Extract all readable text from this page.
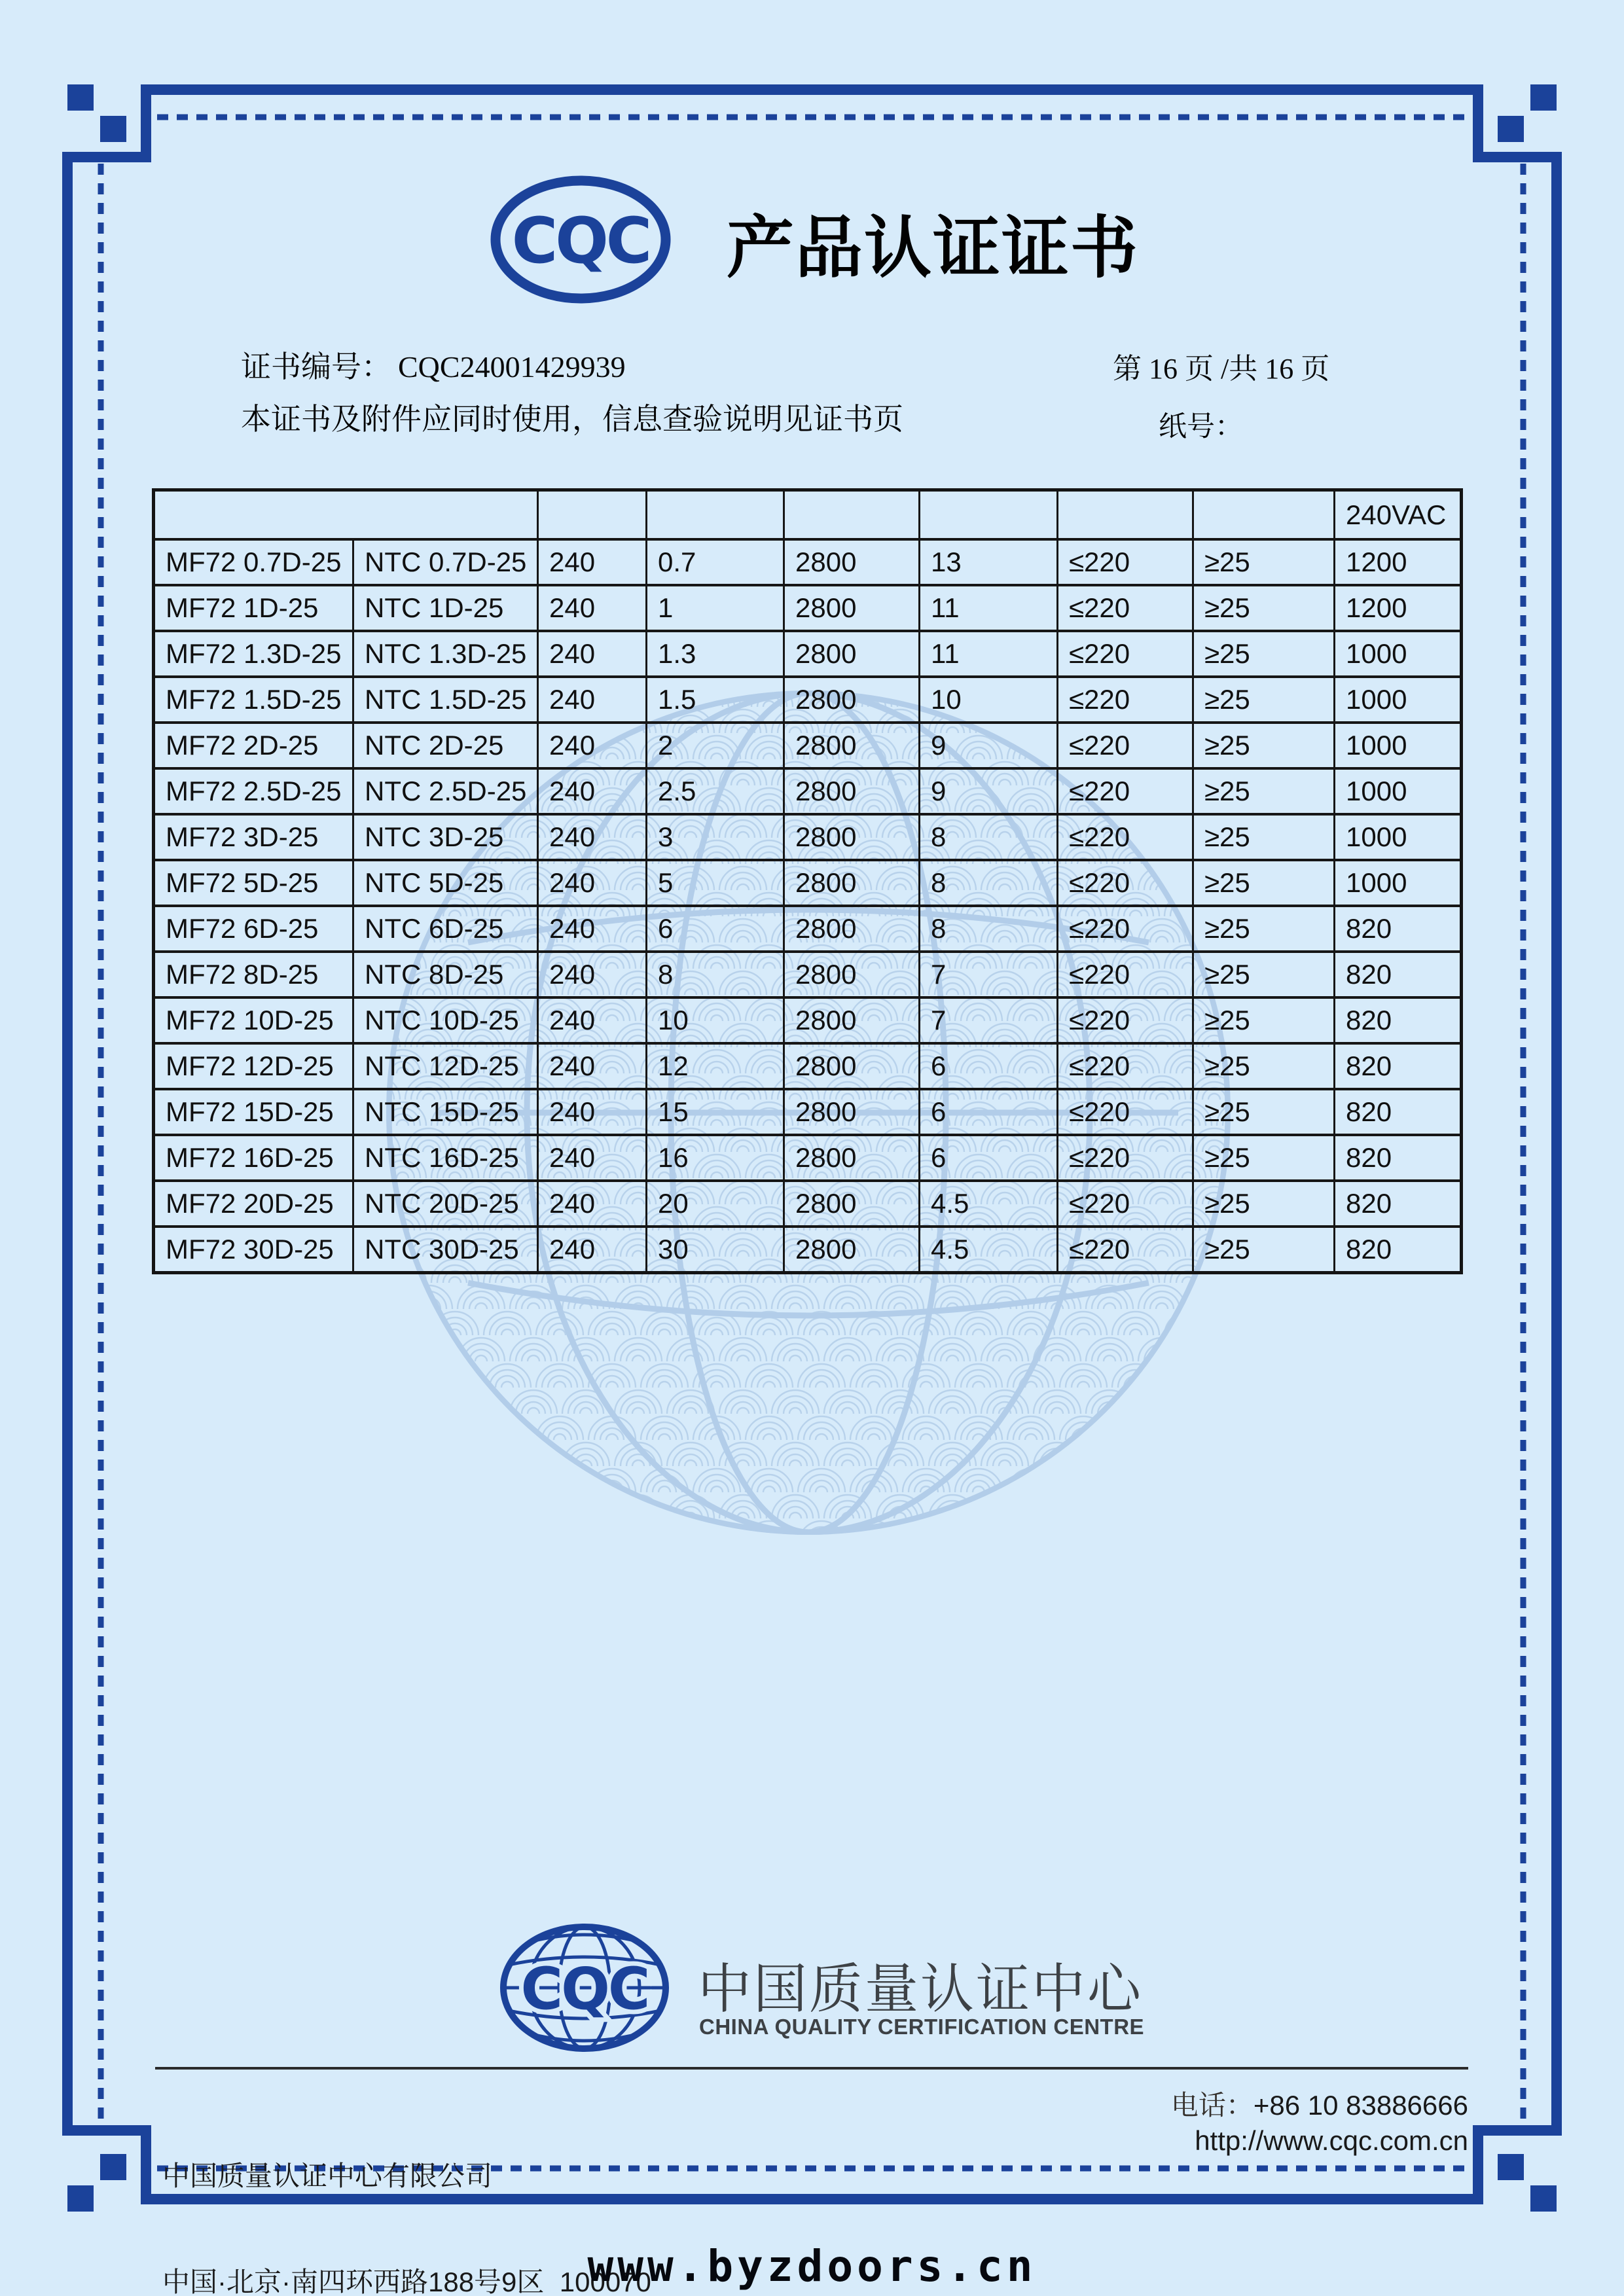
CQC 产品认证证书
证书编号： CQC24001429939	第 16 页 /共 16 页
本证书及附件应同时使用，信息查验说明见证书页	纸号：
								240VAC
MF72 0.7D-25	NTC 0.7D-25	240	0.7	2800	13	≤220	≥25	1200
MF72 1D-25	NTC 1D-25	240	1	2800	11	≤220	≥25	1200
MF72 1.3D-25	NTC 1.3D-25	240	1.3	2800	11	≤220	≥25	1000
MF72 1.5D-25	NTC 1.5D-25	240	1.5	2800	10	≤220	≥25	1000
MF72 2D-25	NTC 2D-25	240	2	2800	9	≤220	≥25	1000
MF72 2.5D-25	NTC 2.5D-25	240	2.5	2800	9	≤220	≥25	1000
MF72 3D-25	NTC 3D-25	240	3	2800	8	≤220	≥25	1000
MF72 5D-25	NTC 5D-25	240	5	2800	8	≤220	≥25	1000
MF72 6D-25	NTC 6D-25	240	6	2800	8	≤220	≥25	820
MF72 8D-25	NTC 8D-25	240	8	2800	7	≤220	≥25	820
MF72 10D-25	NTC 10D-25	240	10	2800	7	≤220	≥25	820
MF72 12D-25	NTC 12D-25	240	12	2800	6	≤220	≥25	820
MF72 15D-25	NTC 15D-25	240	15	2800	6	≤220	≥25	820
MF72 16D-25	NTC 16D-25	240	16	2800	6	≤220	≥25	820
MF72 20D-25	NTC 20D-25	240	20	2800	4.5	≤220	≥25	820
MF72 30D-25	NTC 30D-25	240	30	2800	4.5	≤220	≥25	820
CQC 中国质量认证中心
CHINA QUALITY CERTIFICATION CENTRE

中国质量认证中心有限公司

中国·北京·南四环西路188号9区  100070

电话：+86 10 83886666
http://www.cqc.com.cn
www.byzdoors.cn
